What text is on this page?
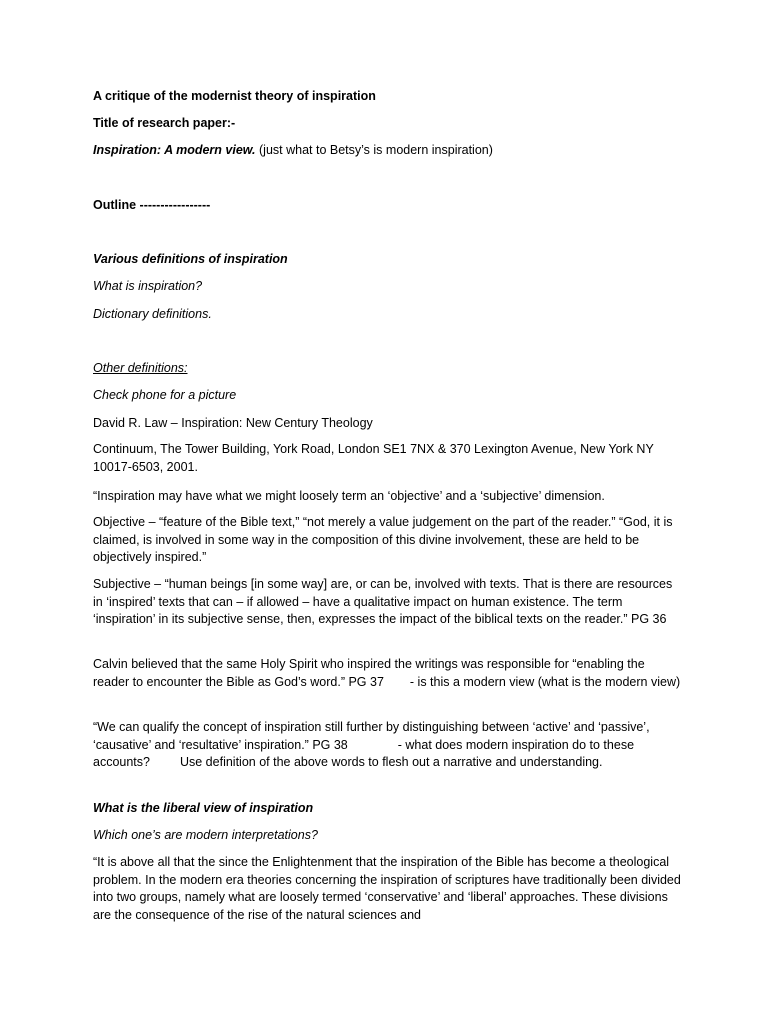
A critique of the modernist theory of inspiration
Title of research paper:-
Inspiration: A modern view. (just what to Betsy’s is modern inspiration)
Outline -----------------
Various definitions of inspiration
What is inspiration?
Dictionary definitions.
Other definitions:
Check phone for a picture
David R. Law – Inspiration: New Century Theology
Continuum, The Tower Building, York Road, London SE1 7NX & 370 Lexington Avenue, New York NY 10017-6503, 2001.
“Inspiration may have what we might loosely term an ‘objective’ and a ‘subjective’ dimension.
Objective – “feature of the Bible text,” “not merely a value judgement on the part of the reader.” “God, it is claimed, is involved in some way in the composition of this divine involvement, these are held to be objectively inspired.”
Subjective – “human beings [in some way] are, or can be, involved with texts. That is there are resources in ‘inspired’ texts that can – if allowed – have a qualitative impact on human existence. The term ‘inspiration’ in its subjective sense, then, expresses the impact of the biblical texts on the reader.” PG 36
Calvin believed that the same Holy Spirit who inspired the writings was responsible for “enabling the reader to encounter the Bible as God’s word.” PG 37 - is this a modern view (what is the modern view)
“We can qualify the concept of inspiration still further by distinguishing between ‘active’ and ‘passive’, ‘causative’ and ‘resultative’ inspiration.” PG 38	- what does modern inspiration do to these accounts? Use definition of the above words to flesh out a narrative and understanding.
What is the liberal view of inspiration
Which one’s are modern interpretations?
“It is above all that the since the Enlightenment that the inspiration of the Bible has become a theological problem. In the modern era theories concerning the inspiration of scriptures have traditionally been divided into two groups, namely what are loosely termed ‘conservative’ and ‘liberal’ approaches. These divisions are the consequence of the rise of the natural sciences and
